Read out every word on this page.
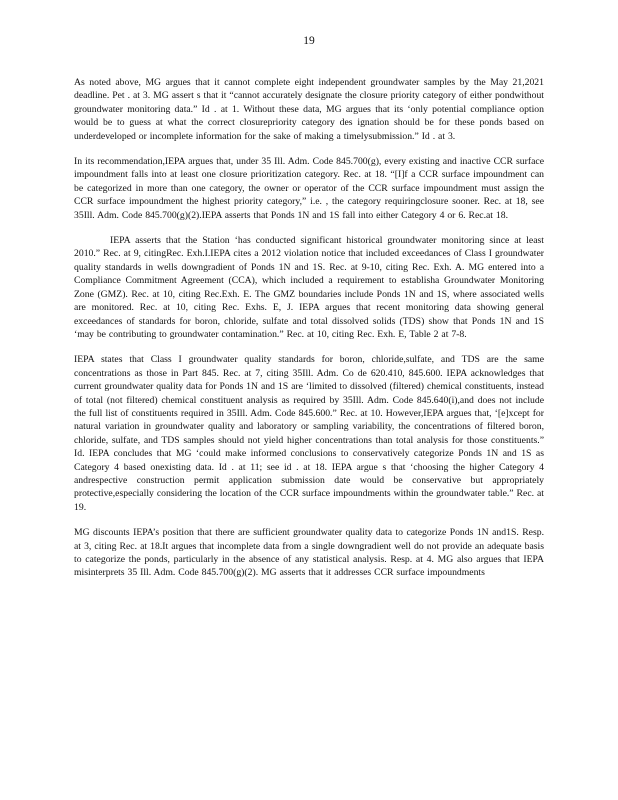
19

As noted above, MG argues that it cannot complete eight independent groundwater samples by the May 21,2021 deadline. Pet . at 3. MG assert s that it “cannot accurately designate the closure priority category of either pondwithout groundwater monitoring data.” Id . at 1. Without these data, MG argues that its ‘only potential compliance option would be to guess at what the correct closurepriority category des ignation should be for these ponds based on underdeveloped or incomplete information for the sake of making a timelysubmission.” Id . at 3.

In its recommendation,IEPA argues that, under 35 Ill. Adm. Code 845.700(g), every existing and inactive CCR surface impoundment falls into at least one closure prioritization category. Rec. at 18. “[I]f a CCR surface impoundment can be categorized in more than one category, the owner or operator of the CCR surface impoundment must assign the CCR surface impoundment the highest priority category,” i.e. , the category requiringclosure sooner. Rec. at 18, see 35Ill. Adm. Code 845.700(g)(2).IEPA asserts that Ponds 1N and 1S fall into either Category 4 or 6. Rec.at 18.

IEPA asserts that the Station ‘has conducted significant historical groundwater monitoring since at least 2010.” Rec. at 9, citingRec. Exh.I.IEPA cites a 2012 violation notice that included exceedances of Class I groundwater quality standards in wells downgradient of Ponds 1N and 1S. Rec. at 9-10, citing Rec. Exh. A. MG entered into a Compliance Commitment Agreement (CCA), which included a requirement to establisha Groundwater Monitoring Zone (GMZ). Rec. at 10, citing Rec.Exh. E. The GMZ boundaries include Ponds 1N and 1S, where associated wells are monitored. Rec. at 10, citing Rec. Exhs. E, J. IEPA argues that recent monitoring data showing general exceedances of standards for boron, chloride, sulfate and total dissolved solids (TDS) show that Ponds 1N and 1S ‘may be contributing to groundwater contamination.” Rec. at 10, citing Rec. Exh. E, Table 2 at 7-8.

IEPA states that Class I groundwater quality standards for boron, chloride,sulfate, and TDS are the same concentrations as those in Part 845. Rec. at 7, citing 35Ill. Adm. Co de 620.410, 845.600. IEPA acknowledges that current groundwater quality data for Ponds 1N and 1S are ‘limited to dissolved (filtered) chemical constituents, instead of total (not filtered) chemical constituent analysis as required by 35Ill. Adm. Code 845.640(i),and does not include the full list of constituents required in 35Ill. Adm. Code 845.600.” Rec. at 10. However,IEPA argues that, ‘[e]xcept for natural variation in groundwater quality and laboratory or sampling variability, the concentrations of filtered boron, chloride, sulfate, and TDS samples should not yield higher concentrations than total analysis for those constituents.” Id. IEPA concludes that MG ‘could make informed conclusions to conservatively categorize Ponds 1N and 1S as Category 4 based onexisting data. Id . at 11; see id . at 18. IEPA argue s that ‘choosing the higher Category 4 andrespective construction permit application submission date would be conservative but appropriately protective,especially considering the location of the CCR surface impoundments within the groundwater table.” Rec. at 19.

MG discounts IEPA’s position that there are sufficient groundwater quality data to categorize Ponds 1N and1S. Resp. at 3, citing Rec. at 18.It argues that incomplete data from a single downgradient well do not provide an adequate basis to categorize the ponds, particularly in the absence of any statistical analysis. Resp. at 4. MG also argues that IEPA misinterprets 35 Ill. Adm. Code 845.700(g)(2). MG asserts that it addresses CCR surface impoundments
